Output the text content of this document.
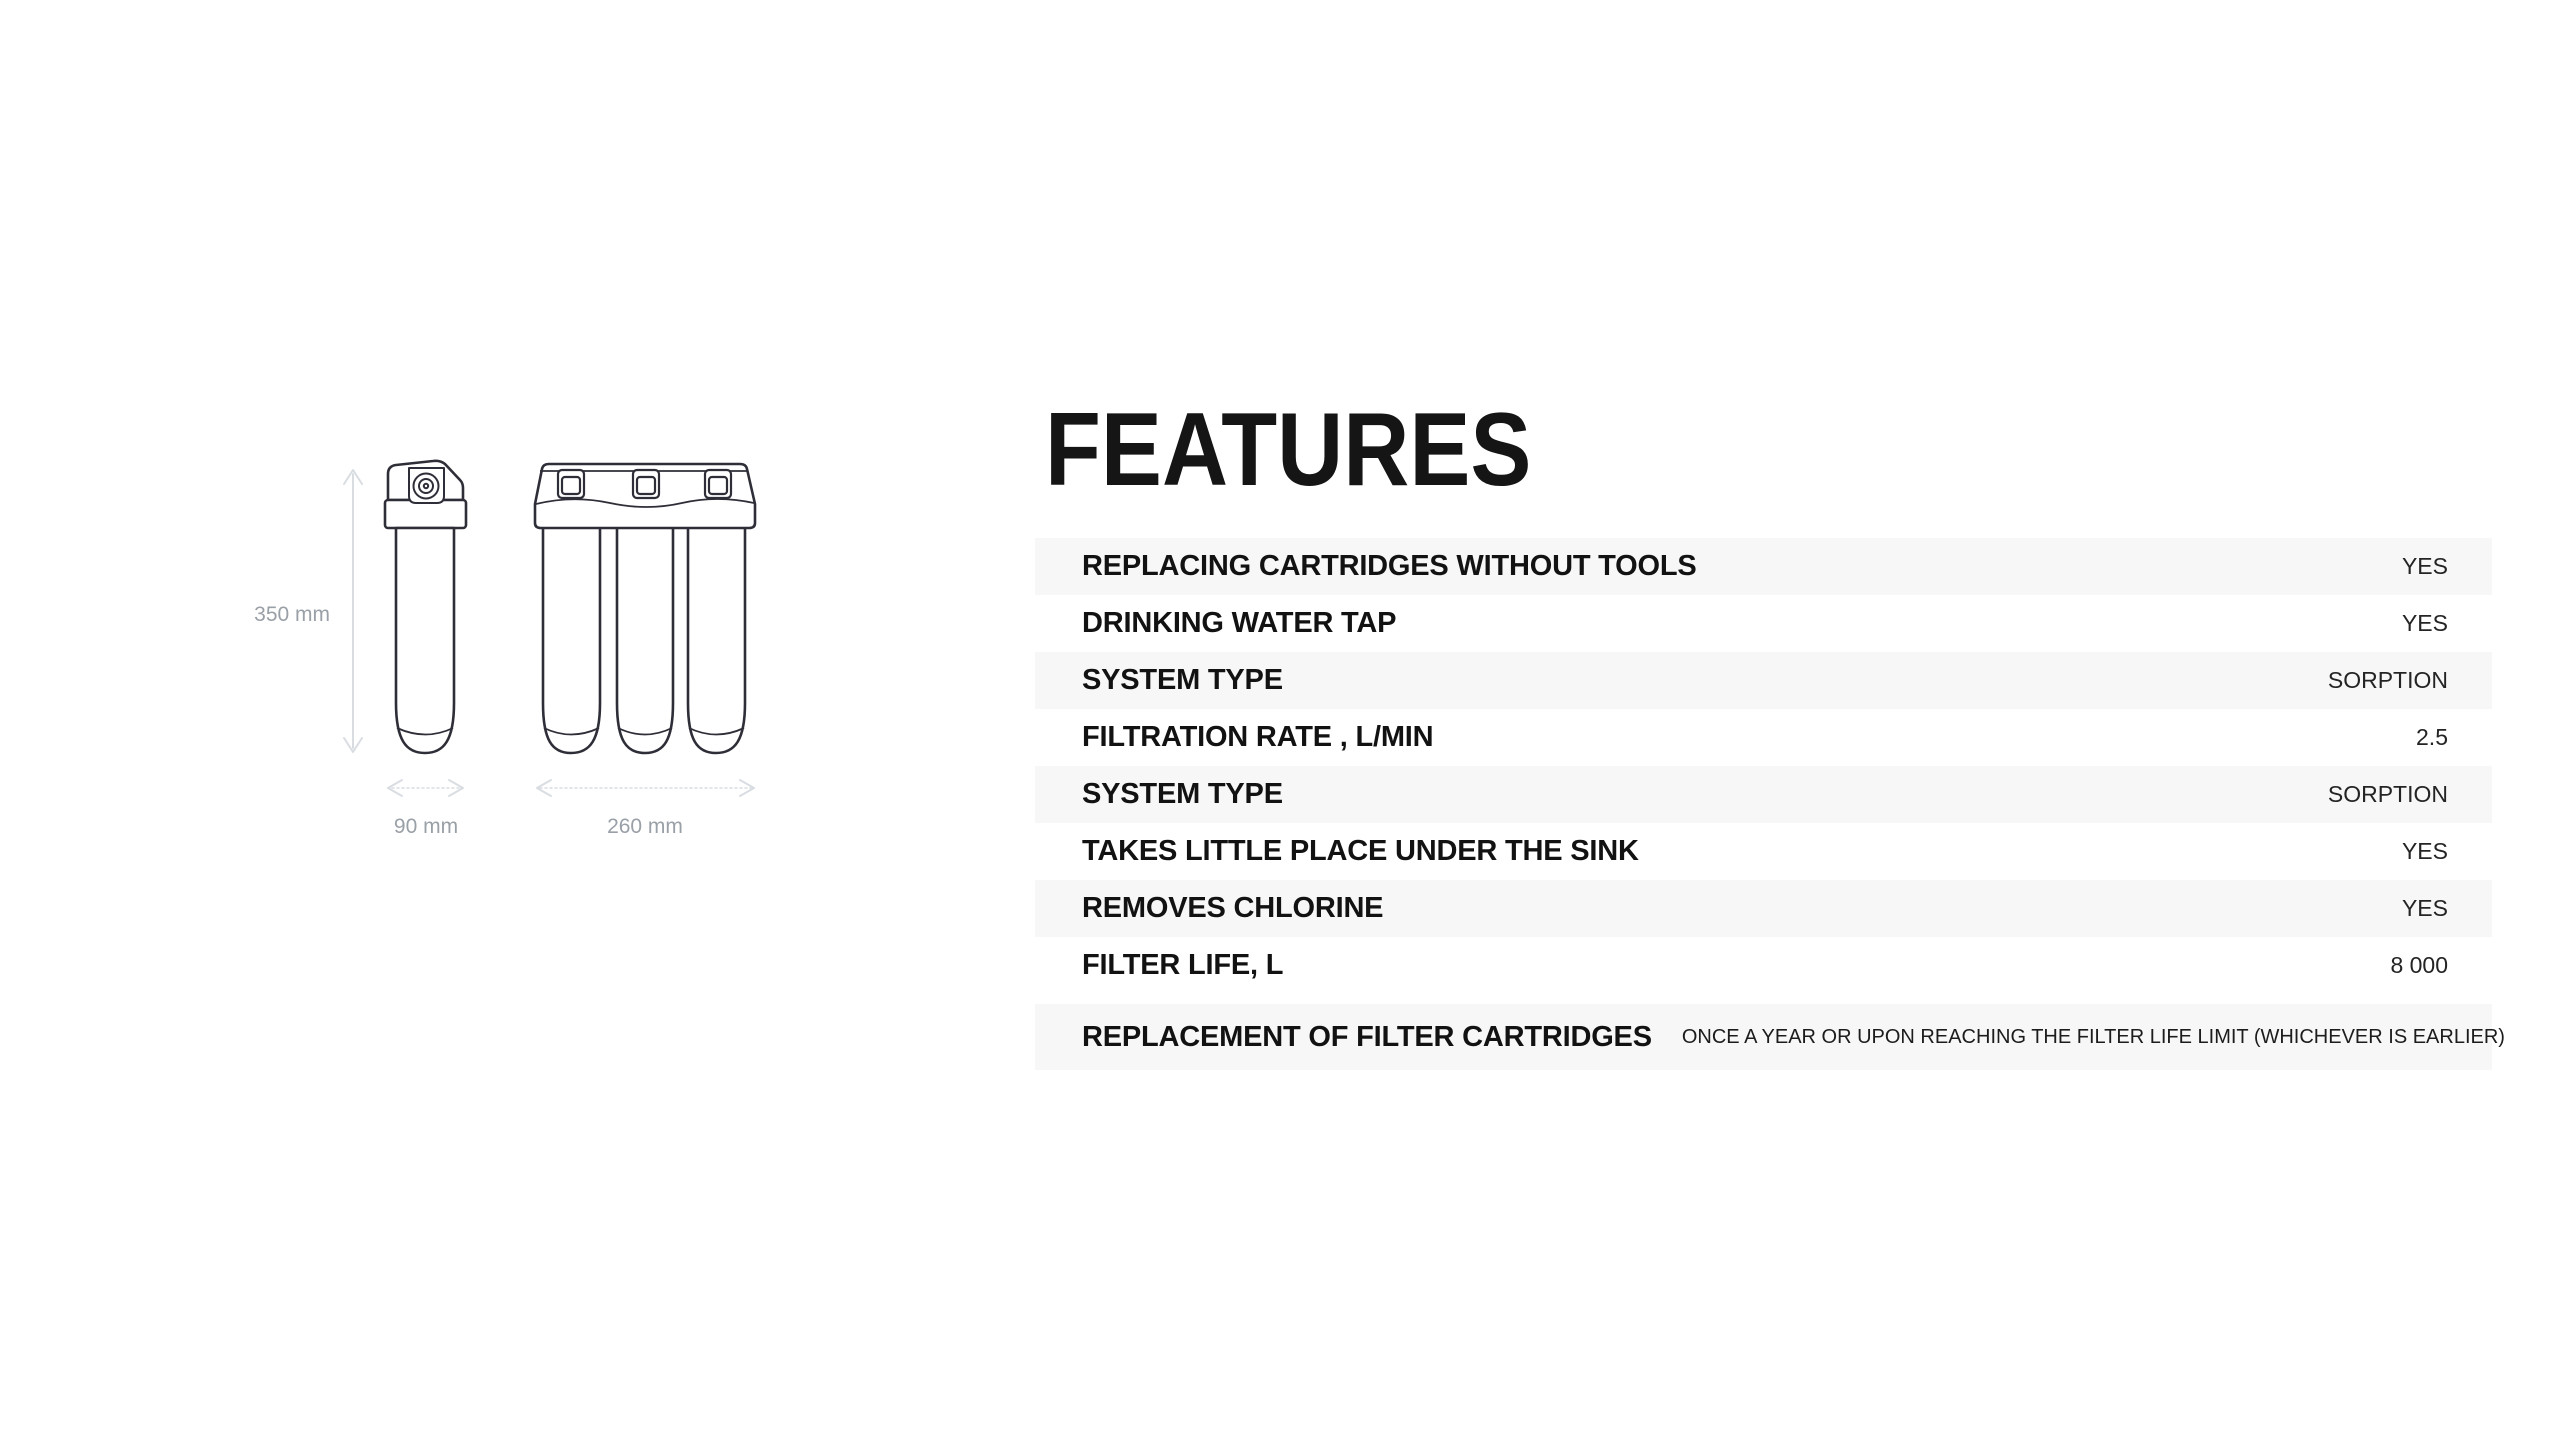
350 mm
90 mm	260 mm
FEATURES
REPLACING CARTRIDGES WITHOUT TOOLS	YES
DRINKING WATER TAP	YES
SYSTEM TYPE	SORPTION
FILTRATION RATE , L/MIN	2.5
SYSTEM TYPE	SORPTION
TAKES LITTLE PLACE UNDER THE SINK	YES
REMOVES CHLORINE	YES
FILTER LIFE, L	8 000
REPLACEMENT OF FILTER CARTRIDGES	ONCE A YEAR OR UPON REACHING THE FILTER LIFE LIMIT (WHICHEVER IS EARLIER)
